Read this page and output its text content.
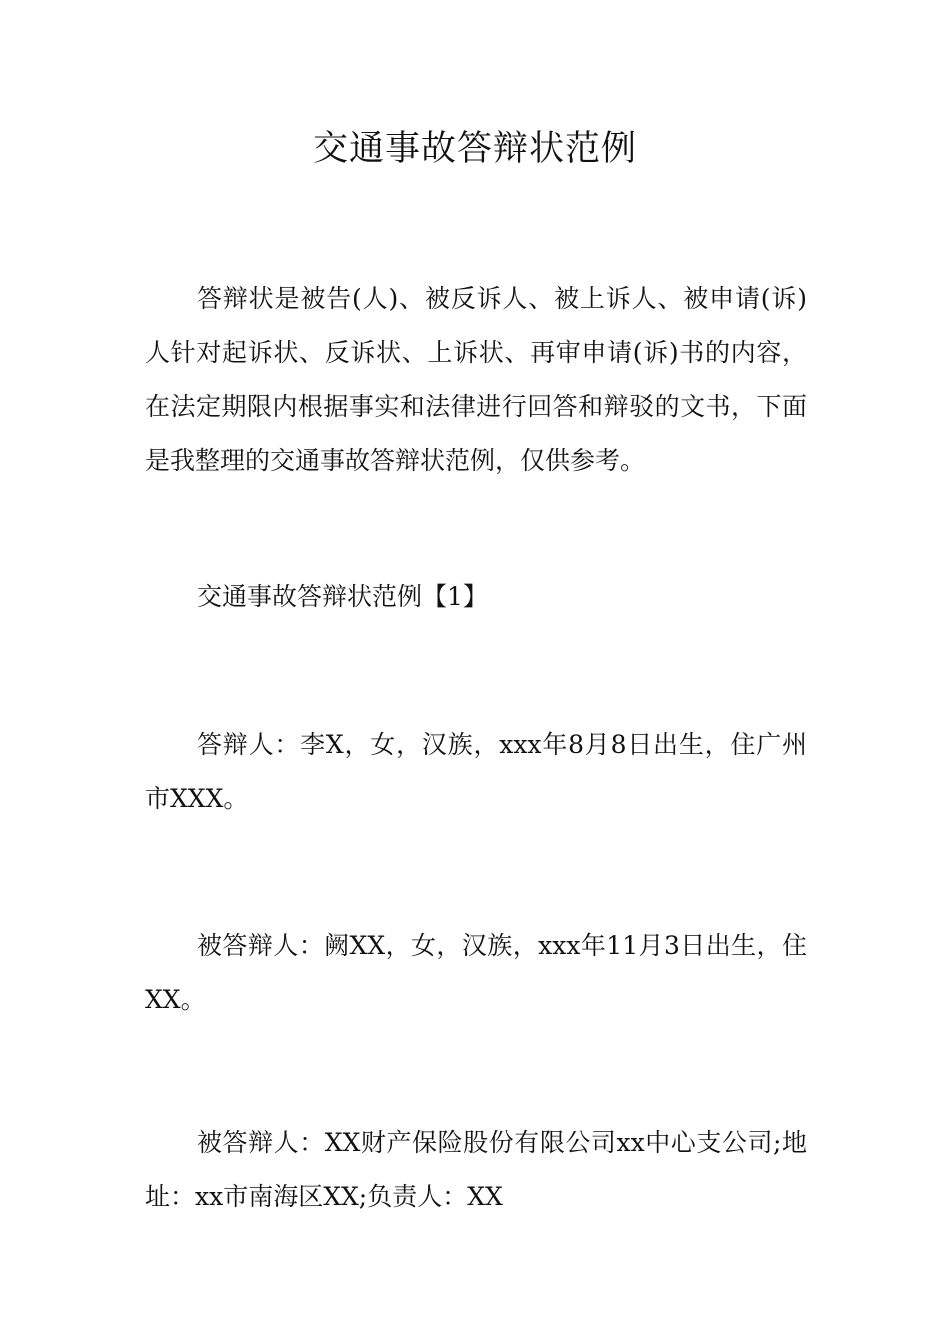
交通事故答辩状范例

答辩状是被告(人)、被反诉人、被上诉人、被申请(诉)人针对起诉状、反诉状、上诉状、再审申请(诉)书的内容，在法定期限内根据事实和法律进行回答和辩驳的文书，下面是我整理的交通事故答辩状范例，仅供参考。

交通事故答辩状范例【1】

答辩人：李X，女，汉族，xxx年8月8日出生，住广州市XXX。

被答辩人：阙XX，女，汉族，xxx年11月3日出生，住XX。

被答辩人：XX财产保险股份有限公司xx中心支公司;地址：xx市南海区XX;负责人：XX
